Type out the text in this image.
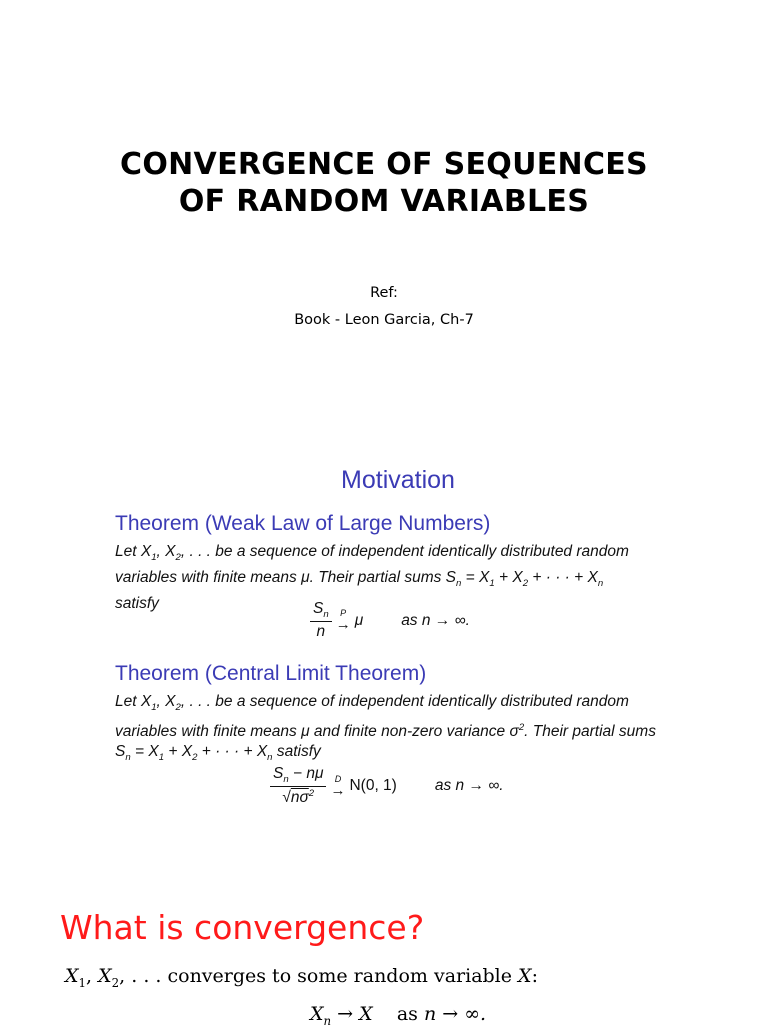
CONVERGENCE OF SEQUENCES
OF RANDOM VARIABLES
Ref:
Book - Leon Garcia, Ch-7
Motivation
Theorem (Weak Law of Large Numbers)
Let $X_1$, $X_2$, . . . be a sequence of independent identically distributed random variables with finite means μ. Their partial sums $S_n = X_1 + X_2$ + · · · + $X_n$
satisfy	$\frac{S_n}{n}$ P
→ μ as n → ∞.
Theorem (Central Limit Theorem)
Let $X_1$, $X_2$, . . . be a sequence of independent identically distributed random variables with finite means μ and finite non-zero variance $\sigma^2$. Their partial sums $S_n = X_1 + X_2$ + · · · + $X_n$ satisfy
$\frac{S_n - n\mu}{√n\sigma^2}$ D
→ N(0, 1) as n → ∞.
What is convergence?
$X_1$, $X_2$, . . . converges to some random variable X:
$X_n \to X$ as n → ∞.
